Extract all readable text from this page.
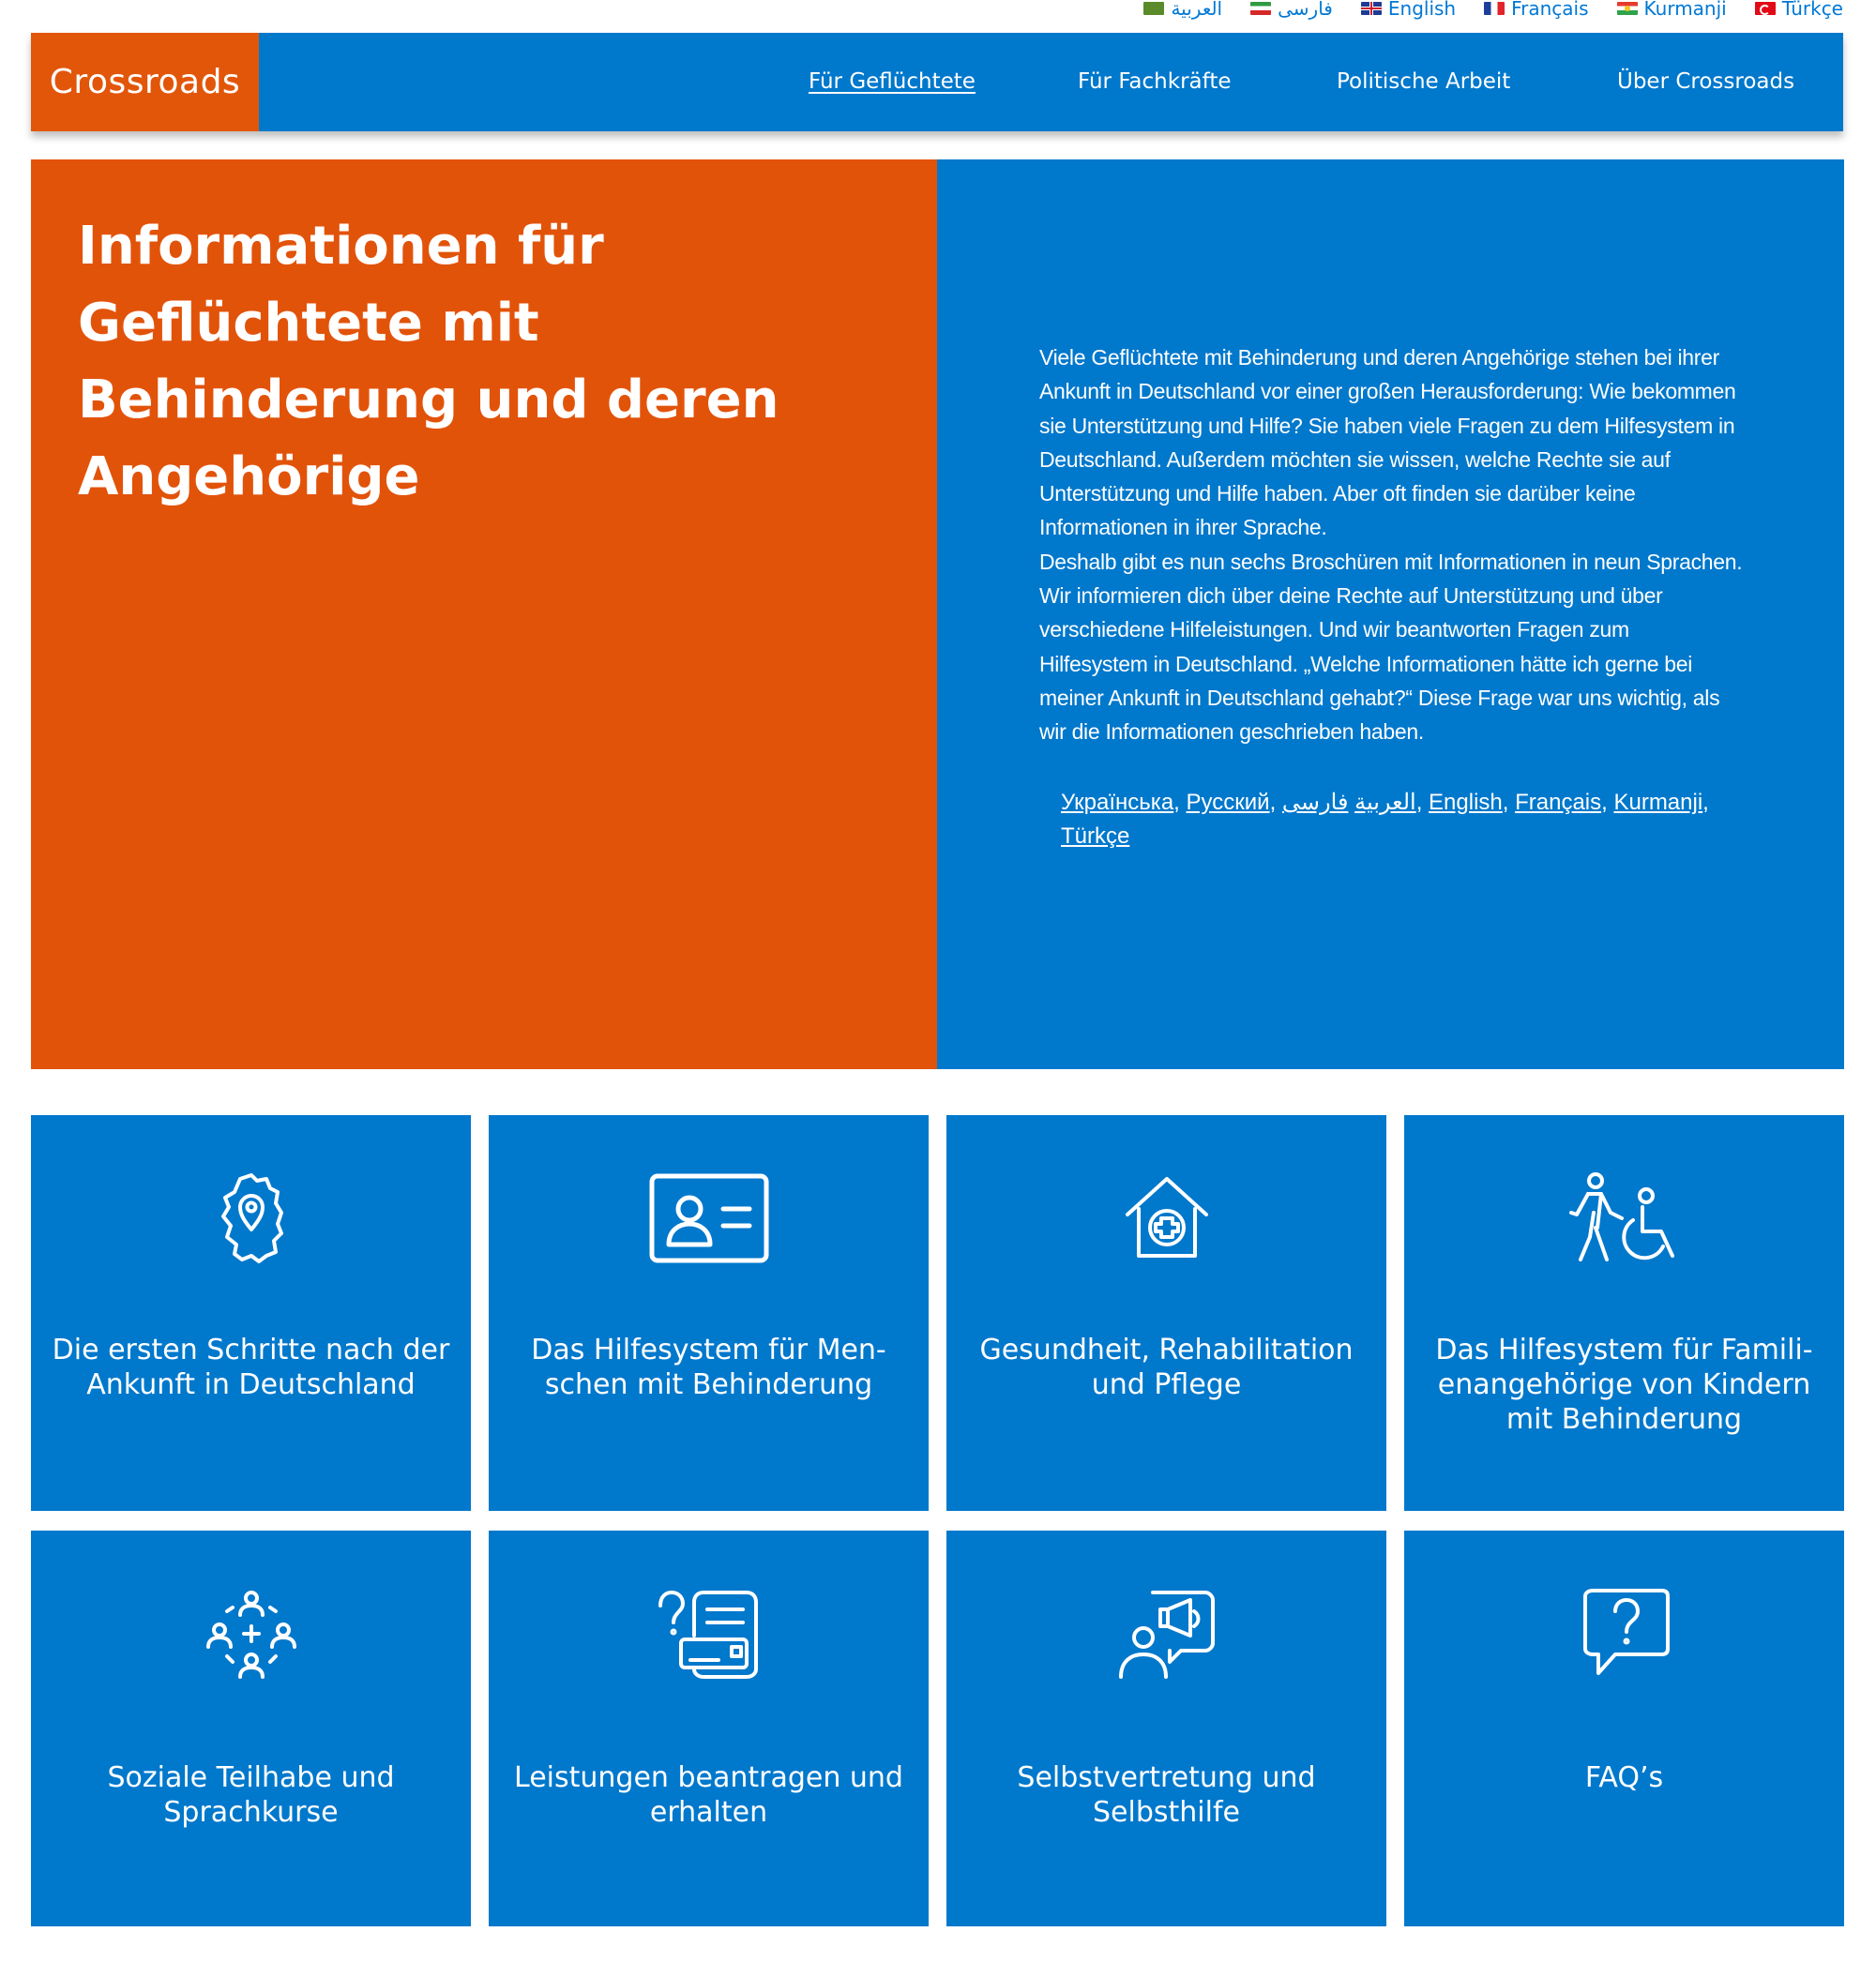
العربية	فارسی	English	Français	Kurmanji	Türkçe
Crossroads	Für Geflüchtete	Für Fachkräfte	Politische Arbeit	Über Crossroads
Informationen für Geflüchtete mit Behinderung und deren Angehörige

Viele Geflüchtete mit Behinderung und deren Angehörige stehen bei ihrer Ankunft in Deutschland vor einer großen Herausforderung: Wie bekommen sie Unterstützung und Hilfe? Sie haben viele Fragen zu dem Hilfesystem in Deutschland. Außerdem möchten sie wissen, welche Rechte sie auf Unterstützung und Hilfe haben. Aber oft finden sie darüber keine Informationen in ihrer Sprache.

Deshalb gibt es nun sechs Broschüren mit Informationen in neun Sprachen. Wir informieren dich über deine Rechte auf Unterstützung und über verschiedene Hilfeleistungen. Und wir beantworten Fragen zum Hilfesystem in Deutschland. „Welche Informationen hätte ich gerne bei meiner Ankunft in Deutschland gehabt?“ Diese Frage war uns wichtig, als wir die Informationen geschrieben haben.

Українська, Русский,	العربية فارسی	, English, Français, Kurmanji, Türkçe
Die ersten Schritte nach der Ankunft in Deutschland
Das Hilfesystem für Men-schen mit Behinderung
Gesundheit, Rehabilitation und Pflege
Das Hilfesystem für Famili-enangehörige von Kindern mit Behinderung
Soziale Teilhabe und Sprachkurse
Leistungen beantragen und erhalten
Selbstvertretung und Selbsthilfe
FAQ’s
